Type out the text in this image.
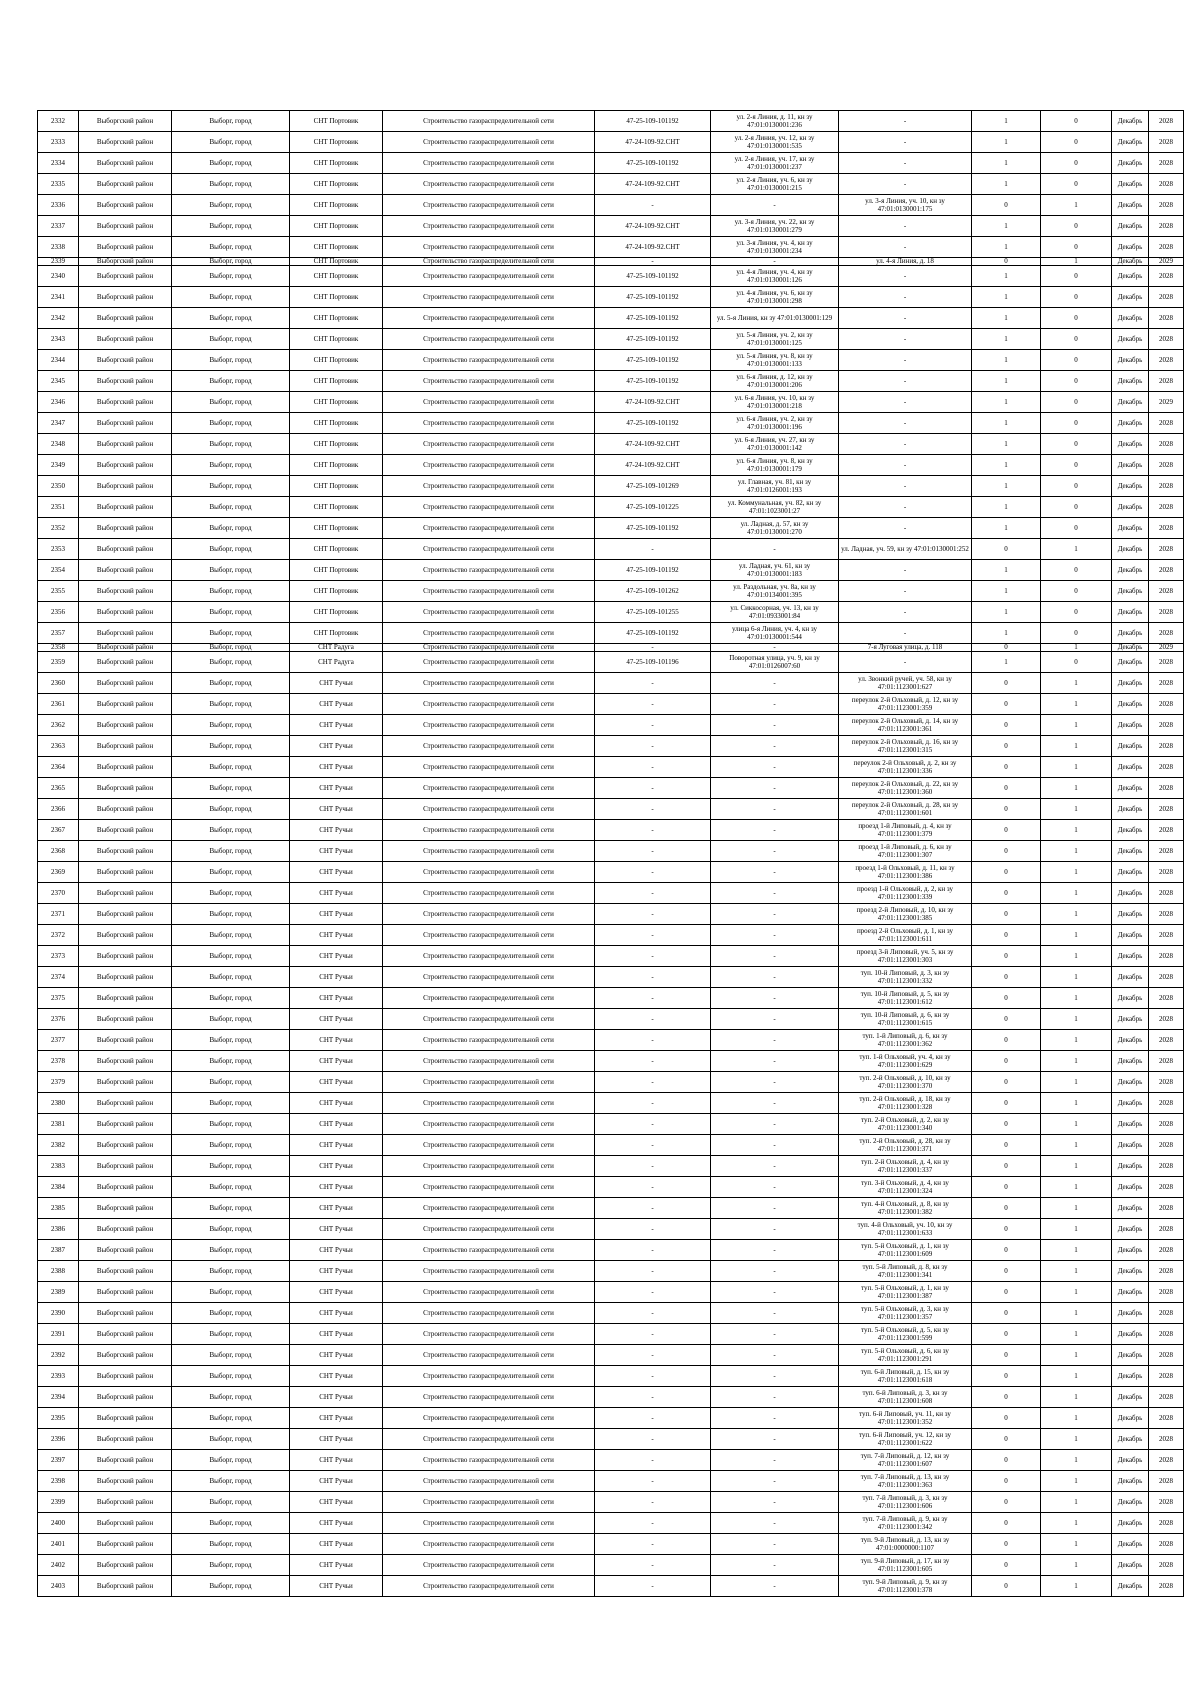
2332	Выборгский район	Выборг, город	СНТ Портовик	Строительство газораспределительной сети	47-25-109-101192	ул. 2-я Линия, д. 11, кн зу 47:01:0130001:236	-	1	0	Декабрь	2028
2333	Выборгский район	Выборг, город	СНТ Портовик	Строительство газораспределительной сети	47-24-109-92.СНТ	ул. 2-я Линия, уч. 12, кн зу 47:01:0130001:535	-	1	0	Декабрь	2028
2334	Выборгский район	Выборг, город	СНТ Портовик	Строительство газораспределительной сети	47-25-109-101192	ул. 2-я Линия, уч. 17, кн зу 47:01:0130001:237	-	1	0	Декабрь	2028
2335	Выборгский район	Выборг, город	СНТ Портовик	Строительство газораспределительной сети	47-24-109-92.СНТ	ул. 2-я Линия, уч. 6, кн зу 47:01:0130001:215	-	1	0	Декабрь	2028
2336	Выборгский район	Выборг, город	СНТ Портовик	Строительство газораспределительной сети	-	-	ул. 3-я Линия, уч. 10, кн зу 47:01:0130001:175	0	1	Декабрь	2028
2337	Выборгский район	Выборг, город	СНТ Портовик	Строительство газораспределительной сети	47-24-109-92.СНТ	ул. 3-я Линия, уч. 22, кн зу 47:01:0130001:279	-	1	0	Декабрь	2028
2338	Выборгский район	Выборг, город	СНТ Портовик	Строительство газораспределительной сети	47-24-109-92.СНТ	ул. 3-я Линия, уч. 4, кн зу 47:01:0130001:234	-	1	0	Декабрь	2028
2339	Выборгский район	Выборг, город	СНТ Портовик	Строительство газораспределительной сети	-	-	ул. 4-я Линия, д. 18	0	1	Декабрь	2029
2340	Выборгский район	Выборг, город	СНТ Портовик	Строительство газораспределительной сети	47-25-109-101192	ул. 4-я Линия, уч. 4, кн зу 47:01:0130001:126	-	1	0	Декабрь	2028
2341	Выборгский район	Выборг, город	СНТ Портовик	Строительство газораспределительной сети	47-25-109-101192	ул. 4-я Линия, уч. 6, кн зу 47:01:0130001:298	-	1	0	Декабрь	2028
2342	Выборгский район	Выборг, город	СНТ Портовик	Строительство газораспределительной сети	47-25-109-101192	ул. 5-я Линия, кн зу 47:01:0130001:129	-	1	0	Декабрь	2028
2343	Выборгский район	Выборг, город	СНТ Портовик	Строительство газораспределительной сети	47-25-109-101192	ул. 5-я Линия, уч. 2, кн зу 47:01:0130001:125	-	1	0	Декабрь	2028
2344	Выборгский район	Выборг, город	СНТ Портовик	Строительство газораспределительной сети	47-25-109-101192	ул. 5-я Линия, уч. 8, кн зу 47:01:0130001:133	-	1	0	Декабрь	2028
2345	Выборгский район	Выборг, город	СНТ Портовик	Строительство газораспределительной сети	47-25-109-101192	ул. 6-я Линия, д. 12, кн зу 47:01:0130001:206	-	1	0	Декабрь	2028
2346	Выборгский район	Выборг, город	СНТ Портовик	Строительство газораспределительной сети	47-24-109-92.СНТ	ул. 6-я Линия, уч. 10, кн зу 47:01:0130001:218	-	1	0	Декабрь	2029
2347	Выборгский район	Выборг, город	СНТ Портовик	Строительство газораспределительной сети	47-25-109-101192	ул. 6-я Линия, уч. 2, кн зу 47:01:0130001:196	-	1	0	Декабрь	2028
2348	Выборгский район	Выборг, город	СНТ Портовик	Строительство газораспределительной сети	47-24-109-92.СНТ	ул. 6-я Линия, уч. 27, кн зу 47:01:0130001:142	-	1	0	Декабрь	2028
2349	Выборгский район	Выборг, город	СНТ Портовик	Строительство газораспределительной сети	47-24-109-92.СНТ	ул. 6-я Линия, уч. 8, кн зу 47:01:0130001:179	-	1	0	Декабрь	2028
2350	Выборгский район	Выборг, город	СНТ Портовик	Строительство газораспределительной сети	47-25-109-101269	ул. Главная, уч. 81, кн зу 47:01:0126001:193	-	1	0	Декабрь	2028
2351	Выборгский район	Выборг, город	СНТ Портовик	Строительство газораспределительной сети	47-25-109-101225	ул. Коммунальная, уч. 82, кн зу 47:01:1023001:27	-	1	0	Декабрь	2028
2352	Выборгский район	Выборг, город	СНТ Портовик	Строительство газораспределительной сети	47-25-109-101192	ул. Ладная, д. 57, кн зу 47:01:0130001:270	-	1	0	Декабрь	2028
2353	Выборгский район	Выборг, город	СНТ Портовик	Строительство газораспределительной сети	-	-	ул. Ладная, уч. 59, кн зу 47:01:0130001:252	0	1	Декабрь	2028
2354	Выборгский район	Выборг, город	СНТ Портовик	Строительство газораспределительной сети	47-25-109-101192	ул. Ладная, уч. 61, кн зу 47:01:0130001:183	-	1	0	Декабрь	2028
2355	Выборгский район	Выборг, город	СНТ Портовик	Строительство газораспределительной сети	47-25-109-101262	ул. Раздольная, уч. 8а, кн зу 47:01:0134001:395	-	1	0	Декабрь	2028
2356	Выборгский район	Выборг, город	СНТ Портовик	Строительство газораспределительной сети	47-25-109-101255	ул. Сиккосорная, уч. 13, кн зу 47:01:0933001:84	-	1	0	Декабрь	2028
2357	Выборгский район	Выборг, город	СНТ Портовик	Строительство газораспределительной сети	47-25-109-101192	улица 6-я Линия, уч. 4, кн зу 47:01:0130001:544	-	1	0	Декабрь	2028
2358	Выборгский район	Выборг, город	СНТ Радуга	Строительство газораспределительной сети	-	-	7-я Луговая улица, д. 118	0	1	Декабрь	2029
2359	Выборгский район	Выборг, город	СНТ Радуга	Строительство газораспределительной сети	47-25-109-101196	Поворотная улица, уч. 9, кн зу 47:01:0126007:60	-	1	0	Декабрь	2028
2360	Выборгский район	Выборг, город	СНТ Ручьи	Строительство газораспределительной сети	-	-	ул. Звонкий ручей, уч. 58, кн зу 47:01:1123001:627	0	1	Декабрь	2028
2361	Выборгский район	Выборг, город	СНТ Ручьи	Строительство газораспределительной сети	-	-	переулок 2-й Ольховый, д. 12, кн зу 47:01:1123001:359	0	1	Декабрь	2028
2362	Выборгский район	Выборг, город	СНТ Ручьи	Строительство газораспределительной сети	-	-	переулок 2-й Ольховый, д. 14, кн зу 47:01:1123001:361	0	1	Декабрь	2028
2363	Выборгский район	Выборг, город	СНТ Ручьи	Строительство газораспределительной сети	-	-	переулок 2-й Ольховый, д. 16, кн зу 47:01:1123001:315	0	1	Декабрь	2028
2364	Выборгский район	Выборг, город	СНТ Ручьи	Строительство газораспределительной сети	-	-	переулок 2-й Ольховый, д. 2, кн зу 47:01:1123001:336	0	1	Декабрь	2028
2365	Выборгский район	Выборг, город	СНТ Ручьи	Строительство газораспределительной сети	-	-	переулок 2-й Ольховый, д. 22, кн зу 47:01:1123001:360	0	1	Декабрь	2028
2366	Выборгский район	Выборг, город	СНТ Ручьи	Строительство газораспределительной сети	-	-	переулок 2-й Ольховый, д. 28, кн зу 47:01:1123001:601	0	1	Декабрь	2028
2367	Выборгский район	Выборг, город	СНТ Ручьи	Строительство газораспределительной сети	-	-	проезд 1-й Липовый, д. 4, кн зу 47:01:1123001:379	0	1	Декабрь	2028
2368	Выборгский район	Выборг, город	СНТ Ручьи	Строительство газораспределительной сети	-	-	проезд 1-й Липовый, д. 6, кн зу 47:01:1123001:307	0	1	Декабрь	2028
2369	Выборгский район	Выборг, город	СНТ Ручьи	Строительство газораспределительной сети	-	-	проезд 1-й Ольховый, д. 11, кн зу 47:01:1123001:386	0	1	Декабрь	2028
2370	Выборгский район	Выборг, город	СНТ Ручьи	Строительство газораспределительной сети	-	-	проезд 1-й Ольховый, д. 2, кн зу 47:01:1123001:339	0	1	Декабрь	2028
2371	Выборгский район	Выборг, город	СНТ Ручьи	Строительство газораспределительной сети	-	-	проезд 2-й Липовый, д. 10, кн зу 47:01:1123001:385	0	1	Декабрь	2028
2372	Выборгский район	Выборг, город	СНТ Ручьи	Строительство газораспределительной сети	-	-	проезд 2-й Ольховый, д. 1, кн зу 47:01:1123001:611	0	1	Декабрь	2028
2373	Выборгский район	Выборг, город	СНТ Ручьи	Строительство газораспределительной сети	-	-	проезд 3-й Липовый, уч. 5, кн зу 47:01:1123001:303	0	1	Декабрь	2028
2374	Выборгский район	Выборг, город	СНТ Ручьи	Строительство газораспределительной сети	-	-	туп. 10-й Липовый, д. 3, кн зу 47:01:1123001:332	0	1	Декабрь	2028
2375	Выборгский район	Выборг, город	СНТ Ручьи	Строительство газораспределительной сети	-	-	туп. 10-й Липовый, д. 5, кн зу 47:01:1123001:612	0	1	Декабрь	2028
2376	Выборгский район	Выборг, город	СНТ Ручьи	Строительство газораспределительной сети	-	-	туп. 10-й Липовый, д. 6, кн зу 47:01:1123001:615	0	1	Декабрь	2028
2377	Выборгский район	Выборг, город	СНТ Ручьи	Строительство газораспределительной сети	-	-	туп. 1-й Липовый, д. 6, кн зу 47:01:1123001:362	0	1	Декабрь	2028
2378	Выборгский район	Выборг, город	СНТ Ручьи	Строительство газораспределительной сети	-	-	туп. 1-й Ольховый, уч. 4, кн зу 47:01:1123001:629	0	1	Декабрь	2028
2379	Выборгский район	Выборг, город	СНТ Ручьи	Строительство газораспределительной сети	-	-	туп. 2-й Ольховый, д. 10, кн зу 47:01:1123001:370	0	1	Декабрь	2028
2380	Выборгский район	Выборг, город	СНТ Ручьи	Строительство газораспределительной сети	-	-	туп. 2-й Ольховый, д. 18, кн зу 47:01:1123001:328	0	1	Декабрь	2028
2381	Выборгский район	Выборг, город	СНТ Ручьи	Строительство газораспределительной сети	-	-	туп. 2-й Ольховый, д. 2, кн зу 47:01:1123001:340	0	1	Декабрь	2028
2382	Выборгский район	Выборг, город	СНТ Ручьи	Строительство газораспределительной сети	-	-	туп. 2-й Ольховый, д. 28, кн зу 47:01:1123001:371	0	1	Декабрь	2028
2383	Выборгский район	Выборг, город	СНТ Ручьи	Строительство газораспределительной сети	-	-	туп. 2-й Ольховый, д. 4, кн зу 47:01:1123001:337	0	1	Декабрь	2028
2384	Выборгский район	Выборг, город	СНТ Ручьи	Строительство газораспределительной сети	-	-	туп. 3-й Ольховый, д. 4, кн зу 47:01:1123001:324	0	1	Декабрь	2028
2385	Выборгский район	Выборг, город	СНТ Ручьи	Строительство газораспределительной сети	-	-	туп. 4-й Ольховый, д. 8, кн зу 47:01:1123001:382	0	1	Декабрь	2028
2386	Выборгский район	Выборг, город	СНТ Ручьи	Строительство газораспределительной сети	-	-	туп. 4-й Ольховый, уч. 10, кн зу 47:01:1123001:633	0	1	Декабрь	2028
2387	Выборгский район	Выборг, город	СНТ Ручьи	Строительство газораспределительной сети	-	-	туп. 5-й Ольховый, д. 1, кн зу 47:01:1123001:609	0	1	Декабрь	2028
2388	Выборгский район	Выборг, город	СНТ Ручьи	Строительство газораспределительной сети	-	-	туп. 5-й Липовый, д. 8, кн зу 47:01:1123001:341	0	1	Декабрь	2028
2389	Выборгский район	Выборг, город	СНТ Ручьи	Строительство газораспределительной сети	-	-	туп. 5-й Ольховый, д. 1, кн зу 47:01:1123001:387	0	1	Декабрь	2028
2390	Выборгский район	Выборг, город	СНТ Ручьи	Строительство газораспределительной сети	-	-	туп. 5-й Ольховый, д. 3, кн зу 47:01:1123001:357	0	1	Декабрь	2028
2391	Выборгский район	Выборг, город	СНТ Ручьи	Строительство газораспределительной сети	-	-	туп. 5-й Ольховый, д. 5, кн зу 47:01:1123001:599	0	1	Декабрь	2028
2392	Выборгский район	Выборг, город	СНТ Ручьи	Строительство газораспределительной сети	-	-	туп. 5-й Ольховый, д. 6, кн зу 47:01:1123001:291	0	1	Декабрь	2028
2393	Выборгский район	Выборг, город	СНТ Ручьи	Строительство газораспределительной сети	-	-	туп. 6-й Липовый, д. 15, кн зу 47:01:1123001:618	0	1	Декабрь	2028
2394	Выборгский район	Выборг, город	СНТ Ручьи	Строительство газораспределительной сети	-	-	туп. 6-й Липовый, д. 3, кн зу 47:01:1123001:608	0	1	Декабрь	2028
2395	Выборгский район	Выборг, город	СНТ Ручьи	Строительство газораспределительной сети	-	-	туп. 6-й Липовый, уч. 11, кн зу 47:01:1123001:352	0	1	Декабрь	2028
2396	Выборгский район	Выборг, город	СНТ Ручьи	Строительство газораспределительной сети	-	-	туп. 6-й Липовый, уч. 12, кн зу 47:01:1123001:622	0	1	Декабрь	2028
2397	Выборгский район	Выборг, город	СНТ Ручьи	Строительство газораспределительной сети	-	-	туп. 7-й Липовый, д. 12, кн зу 47:01:1123001:607	0	1	Декабрь	2028
2398	Выборгский район	Выборг, город	СНТ Ручьи	Строительство газораспределительной сети	-	-	туп. 7-й Липовый, д. 13, кн зу 47:01:1123001:363	0	1	Декабрь	2028
2399	Выборгский район	Выборг, город	СНТ Ручьи	Строительство газораспределительной сети	-	-	туп. 7-й Липовый, д. 3, кн зу 47:01:1123001:606	0	1	Декабрь	2028
2400	Выборгский район	Выборг, город	СНТ Ручьи	Строительство газораспределительной сети	-	-	туп. 7-й Липовый, д. 9, кн зу 47:01:1123001:342	0	1	Декабрь	2028
2401	Выборгский район	Выборг, город	СНТ Ручьи	Строительство газораспределительной сети	-	-	туп. 9-й Липовый, д. 13, кн зу 47:01:0000000:1107	0	1	Декабрь	2028
2402	Выборгский район	Выборг, город	СНТ Ручьи	Строительство газораспределительной сети	-	-	туп. 9-й Липовый, д. 17, кн зу 47:01:1123001:605	0	1	Декабрь	2028
2403	Выборгский район	Выборг, город	СНТ Ручьи	Строительство газораспределительной сети	-	-	туп. 9-й Липовый, д. 9, кн зу 47:01:1123001:378	0	1	Декабрь	2028
